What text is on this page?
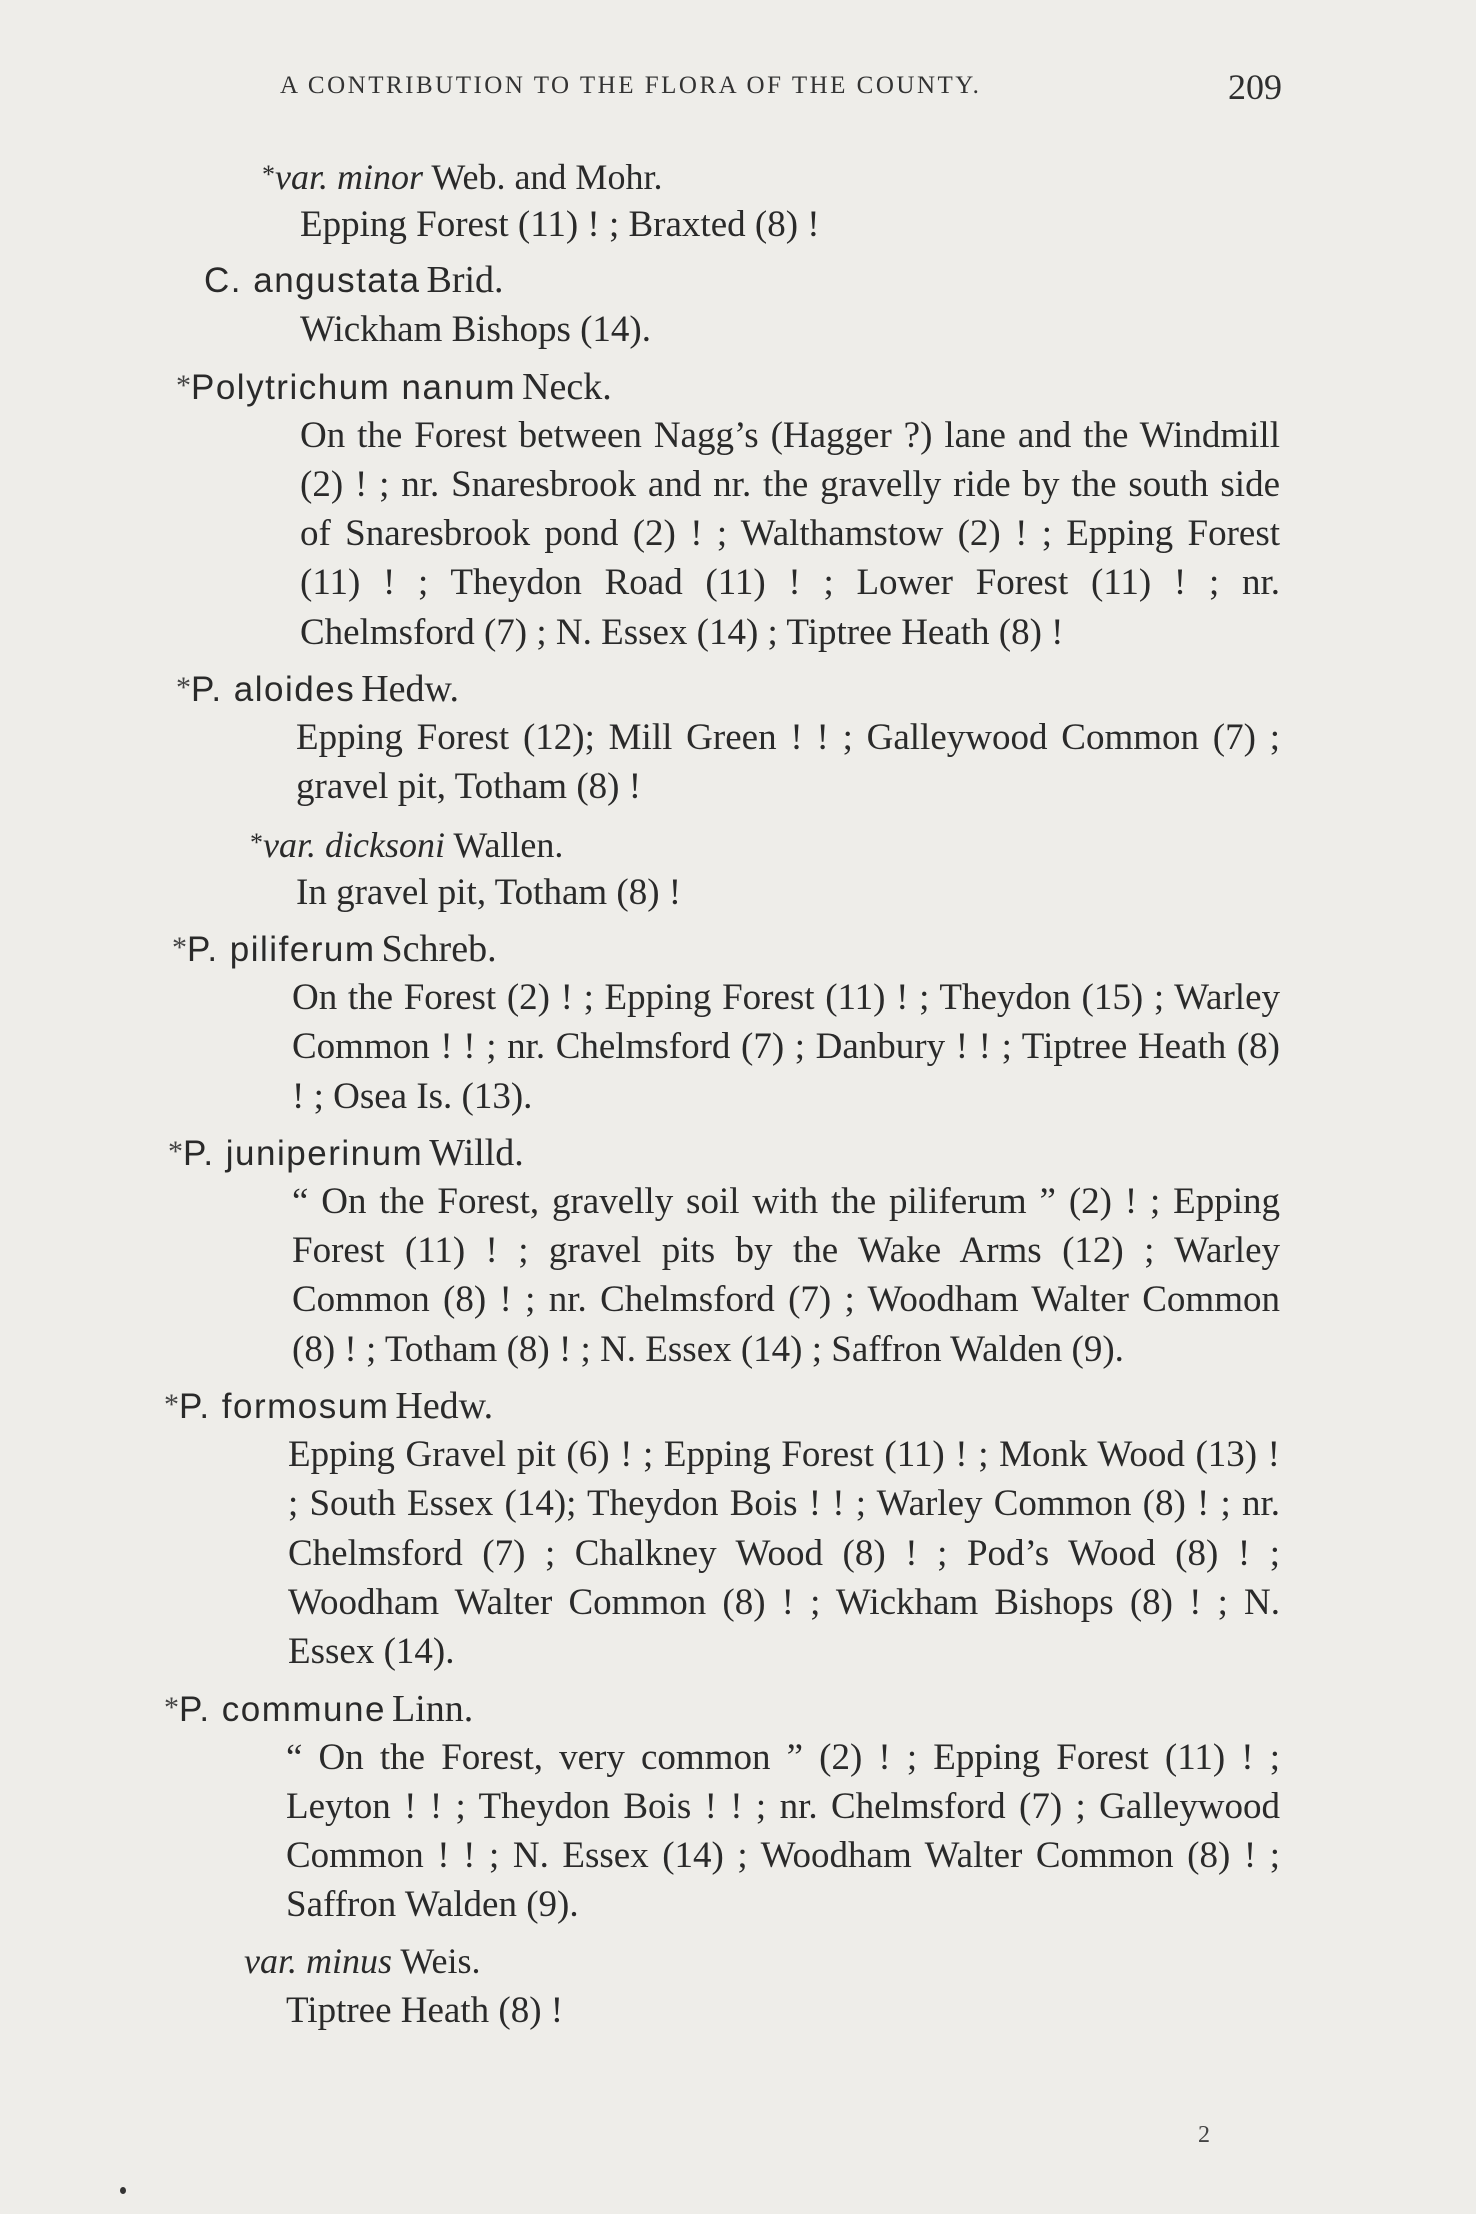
A CONTRIBUTION TO THE FLORA OF THE COUNTY.	209
*var. minor Web. and Mohr.
Epping Forest (11) ! ; Braxted (8) !
C. angustata Brid.
Wickham Bishops (14).
*Polytrichum nanum Neck.
On the Forest between Nagg’s (Hagger ?) lane and the Windmill (2) ! ; nr. Snaresbrook and nr. the gravelly ride by the south side of Snaresbrook pond (2) ! ; Walthamstow (2) ! ; Epping Forest (11) ! ; Theydon Road (11) ! ; Lower Forest (11) ! ; nr. Chelmsford (7) ; N. Essex (14) ; Tiptree Heath (8) !
*P. aloides Hedw.
Epping Forest (12); Mill Green ! ! ; Galleywood Common (7) ; gravel pit, Totham (8) !
*var. dicksoni Wallen.
In gravel pit, Totham (8) !
*P. piliferum Schreb.
On the Forest (2) ! ; Epping Forest (11) ! ; Theydon (15) ; Warley Common ! ! ; nr. Chelmsford (7) ; Danbury ! ! ; Tiptree Heath (8) ! ; Osea Is. (13).
*P. juniperinum Willd.
“ On the Forest, gravelly soil with the piliferum ” (2) ! ; Epping Forest (11) ! ; gravel pits by the Wake Arms (12) ; Warley Common (8) ! ; nr. Chelmsford (7) ; Woodham Walter Common (8) ! ; Totham (8) ! ; N. Essex (14) ; Saffron Walden (9).
*P. formosum Hedw.
Epping Gravel pit (6) ! ; Epping Forest (11) ! ; Monk Wood (13) ! ; South Essex (14); Theydon Bois ! ! ; Warley Common (8) ! ; nr. Chelmsford (7) ; Chalkney Wood (8) ! ; Pod’s Wood (8) ! ; Woodham Walter Common (8) ! ; Wickham Bishops (8) ! ; N. Essex (14).
*P. commune Linn.
“ On the Forest, very common ” (2) ! ; Epping Forest (11) ! ; Leyton ! ! ; Theydon Bois ! ! ; nr. Chelmsford (7) ; Galleywood Common ! ! ; N. Essex (14) ; Woodham Walter Common (8) ! ; Saffron Walden (9).
var. minus Weis.
Tiptree Heath (8) !
2
